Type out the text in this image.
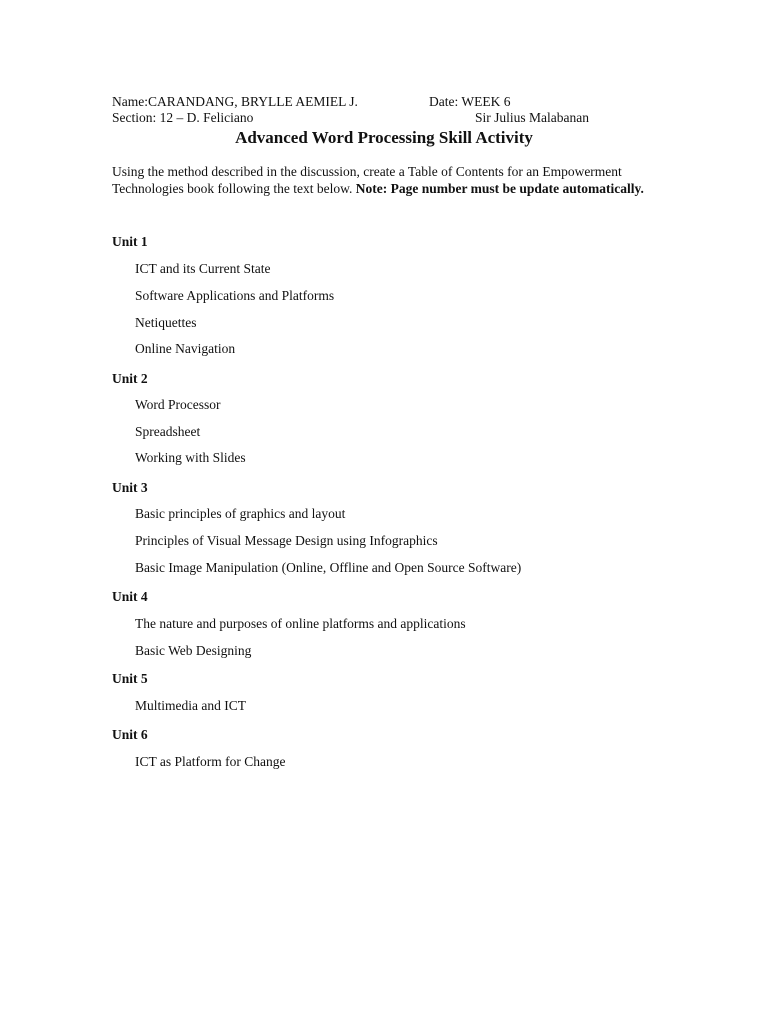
Name:CARANDANG, BRYLLE AEMIEL J.	Date: WEEK 6
Section: 12 – D. Feliciano	Sir Julius Malabanan
Advanced Word Processing Skill Activity
Using the method described in the discussion, create a Table of Contents for an Empowerment Technologies book following the text below. Note: Page number must be update automatically.
Unit 1
ICT and its Current State
Software Applications and Platforms
Netiquettes
Online Navigation
Unit 2
Word Processor
Spreadsheet
Working with Slides
Unit 3
Basic principles of graphics and layout
Principles of Visual Message Design using Infographics
Basic Image Manipulation (Online, Offline and Open Source Software)
Unit 4
The nature and purposes of online platforms and applications
Basic Web Designing
Unit 5
Multimedia and ICT
Unit 6
ICT as Platform for Change
